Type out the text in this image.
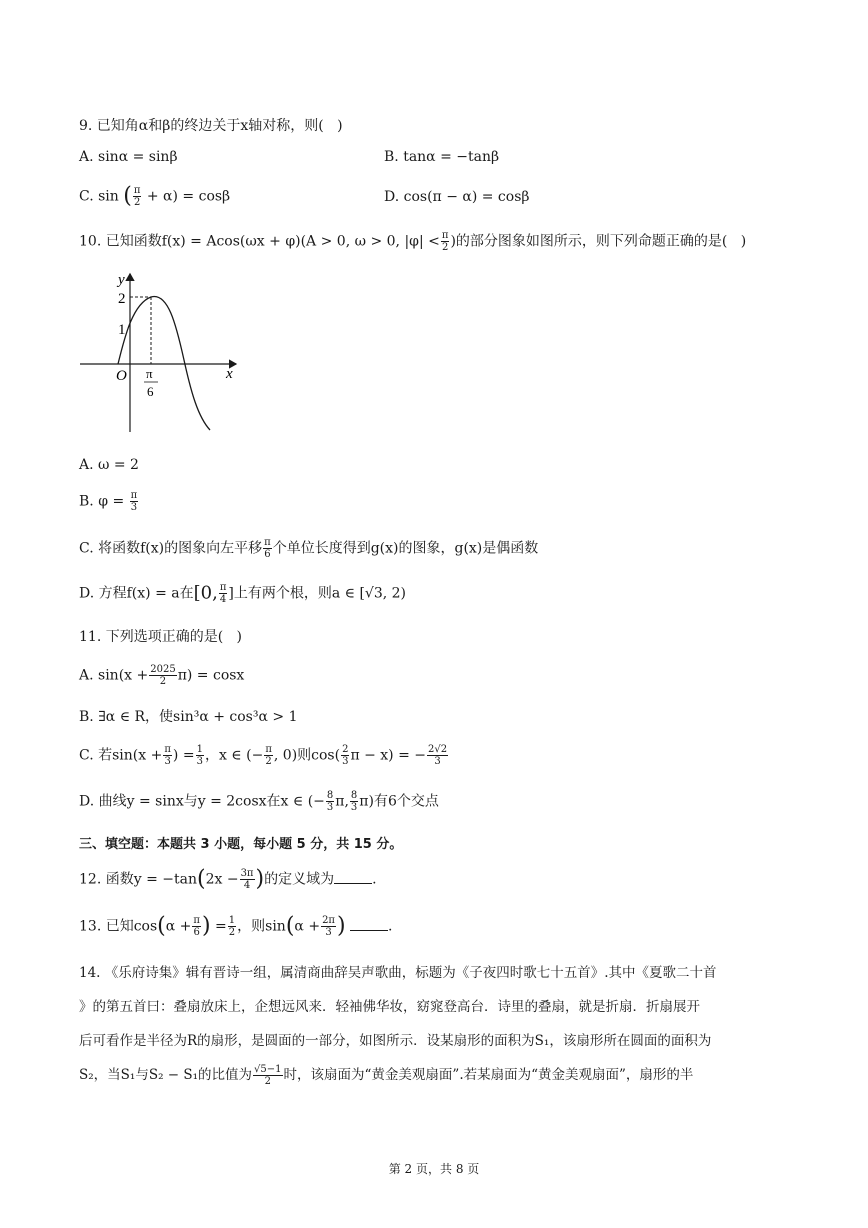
9. 已知角α和β的终边关于x轴对称，则(   )
A. sinα = sinβ	B. tanα = −tanβ
C. sin ( $\frac{\pi}{2} + \alpha) = \cos\beta$	D. cos(π − α) = cosβ
10. 已知函数f(x) = Acos(ωx + φ)(A > 0, ω > 0, $|\varphi| < \frac{\pi}{2}$ )的部分图象如图所示，则下列命题正确的是(   )
y
x
O
2
1
π
6
A. ω = 2
B. $\varphi = \frac{\pi}{3}$
C. 将函数f(x)的图象向左平移 $\frac{\pi}{6}$ 个单位长度得到g(x)的图象，g(x)是偶函数
D. 方程f(x) = a在[0, $\frac{\pi}{4}$ ]上有两个根，则a ∈ [√3, 2)
11. 下列选项正确的是(   )
A. $\sin(x + \frac{2025}{2} \pi) = \cos x$
B. ∃α ∈ R，使sin³α + cos³α > 1
C. 若$\sin(x + \frac{\pi}{3}$ ) = $\frac{1}{3}$ ，x ∈ (− $\frac{\pi}{2}$ , 0)则$\cos( \frac{2}{3}$ π − x) = − $\frac{2√2}{3}$
D. 曲线y = sinx与y = 2cosx在x ∈ (− $\frac{8}{3} \pi$, $\frac{8}{3} \pi$)有6个交点
三、填空题：本题共 3 小题，每小题 5 分，共 15 分。
12. 函数$y = -\tan(2x - \frac{3\pi}{4}$ )的定义域为	.
13. 已知$\cos(\alpha + \frac{\pi}{6}$ ) = $\frac{1}{2}$ ，则$\sin(\alpha + \frac{2\pi}{3}$ )	.
14. 《乐府诗集》辑有晋诗一组，属清商曲辞吴声歌曲，标题为《子夜四时歌七十五首》.其中《夏歌二十首
》的第五首曰：叠扇放床上，企想远风来．轻袖佛华妆，窈窕登高台．诗里的叠扇，就是折扇．折扇展开
后可看作是半径为R的扇形，是圆面的一部分，如图所示．设某扇形的面积为S₁，该扇形所在圆面的面积为
S₂，当S₁与S₂ − S₁的比值为 $\frac{√5-1}{2}$ 时，该扇面为“黄金美观扇面”.若某扇面为“黄金美观扇面”，扇形的半
第 2 页，共 8 页
